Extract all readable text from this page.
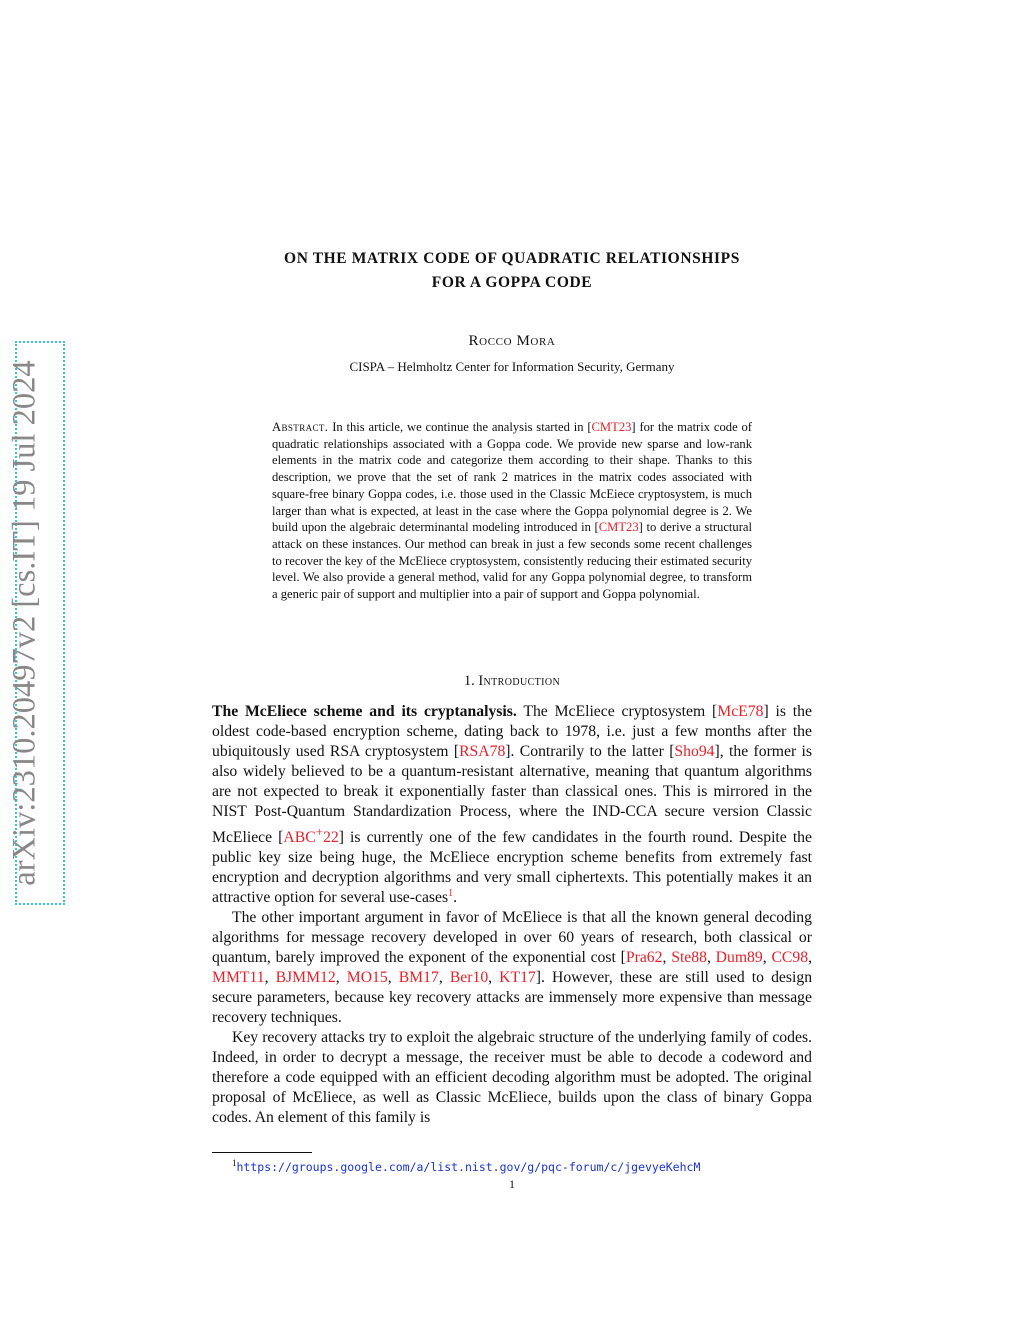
arXiv:2310.20497v2 [cs.IT] 19 Jul 2024
ON THE MATRIX CODE OF QUADRATIC RELATIONSHIPS
FOR A GOPPA CODE
Rocco Mora
CISPA – Helmholtz Center for Information Security, Germany

Abstract. In this article, we continue the analysis started in [CMT23] for the matrix code of quadratic relationships associated with a Goppa code. We provide new sparse and low-rank elements in the matrix code and categorize them according to their shape. Thanks to this description, we prove that the set of rank 2 matrices in the matrix codes associated with square-free binary Goppa codes, i.e. those used in the Classic McEiece cryptosystem, is much larger than what is expected, at least in the case where the Goppa polynomial degree is 2. We build upon the algebraic determinantal modeling introduced in [CMT23] to derive a structural attack on these instances. Our method can break in just a few seconds some recent challenges to recover the key of the McEliece cryptosystem, consistently reducing their estimated security level. We also provide a general method, valid for any Goppa polynomial degree, to transform a generic pair of support and multiplier into a pair of support and Goppa polynomial.

1. Introduction

The McEliece scheme and its cryptanalysis. The McEliece cryptosystem [McE78] is the oldest code-based encryption scheme, dating back to 1978, i.e. just a few months after the ubiquitously used RSA cryptosystem [RSA78]. Contrarily to the latter [Sho94], the former is also widely believed to be a quantum-resistant alternative, meaning that quantum algorithms are not expected to break it exponentially faster than classical ones. This is mirrored in the NIST Post-Quantum Standardization Process, where the IND-CCA secure version Classic McEliece [ABC+22] is currently one of the few candidates in the fourth round. Despite the public key size being huge, the McEliece encryption scheme benefits from extremely fast encryption and decryption algorithms and very small ciphertexts. This potentially makes it an attractive option for several use-cases$^1$.

The other important argument in favor of McEliece is that all the known general decoding algorithms for message recovery developed in over 60 years of research, both classical or quantum, barely improved the exponent of the exponential cost [Pra62, Ste88, Dum89, CC98, MMT11, BJMM12, MO15, BM17, Ber10, KT17]. However, these are still used to design secure parameters, because key recovery attacks are immensely more expensive than message recovery techniques.

Key recovery attacks try to exploit the algebraic structure of the underlying family of codes. Indeed, in order to decrypt a message, the receiver must be able to decode a codeword and therefore a code equipped with an efficient decoding algorithm must be adopted. The original proposal of McEliece, as well as Classic McEliece, builds upon the class of binary Goppa codes. An element of this family is

$^1$https://groups.google.com/a/list.nist.gov/g/pqc-forum/c/jgevyeKehcM
1
